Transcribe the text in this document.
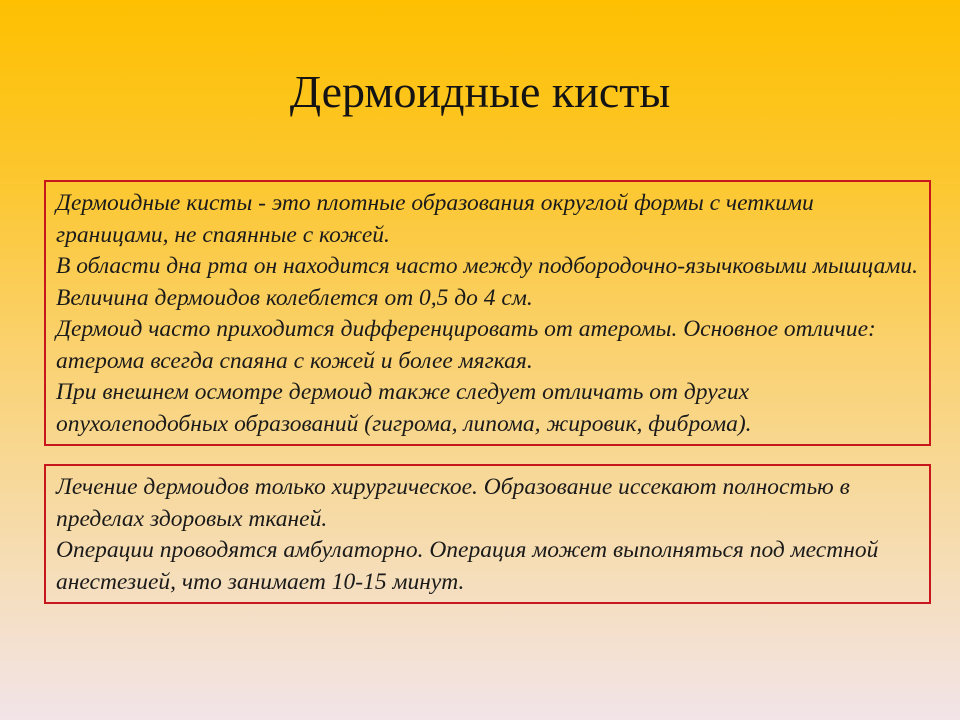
Дермоидные кисты

Дермоидные кисты - это плотные образования округлой формы с четкими границами, не спаянные с кожей.

В области дна рта он находится часто между подбородочно-язычковыми мышцами. Величина дермоидов колеблется от 0,5 до 4 см.

Дермоид часто приходится дифференцировать от атеромы. Основное отличие: атерома всегда спаяна с кожей и более мягкая.

При внешнем осмотре дермоид также следует отличать от других опухолеподобных образований (гигрома, липома, жировик, фиброма).

Лечение дермоидов только хирургическое. Образование иссекают полностью в пределах здоровых тканей.

Операции проводятся амбулаторно. Операция может выполняться под местной анестезией, что занимает 10-15 минут.
